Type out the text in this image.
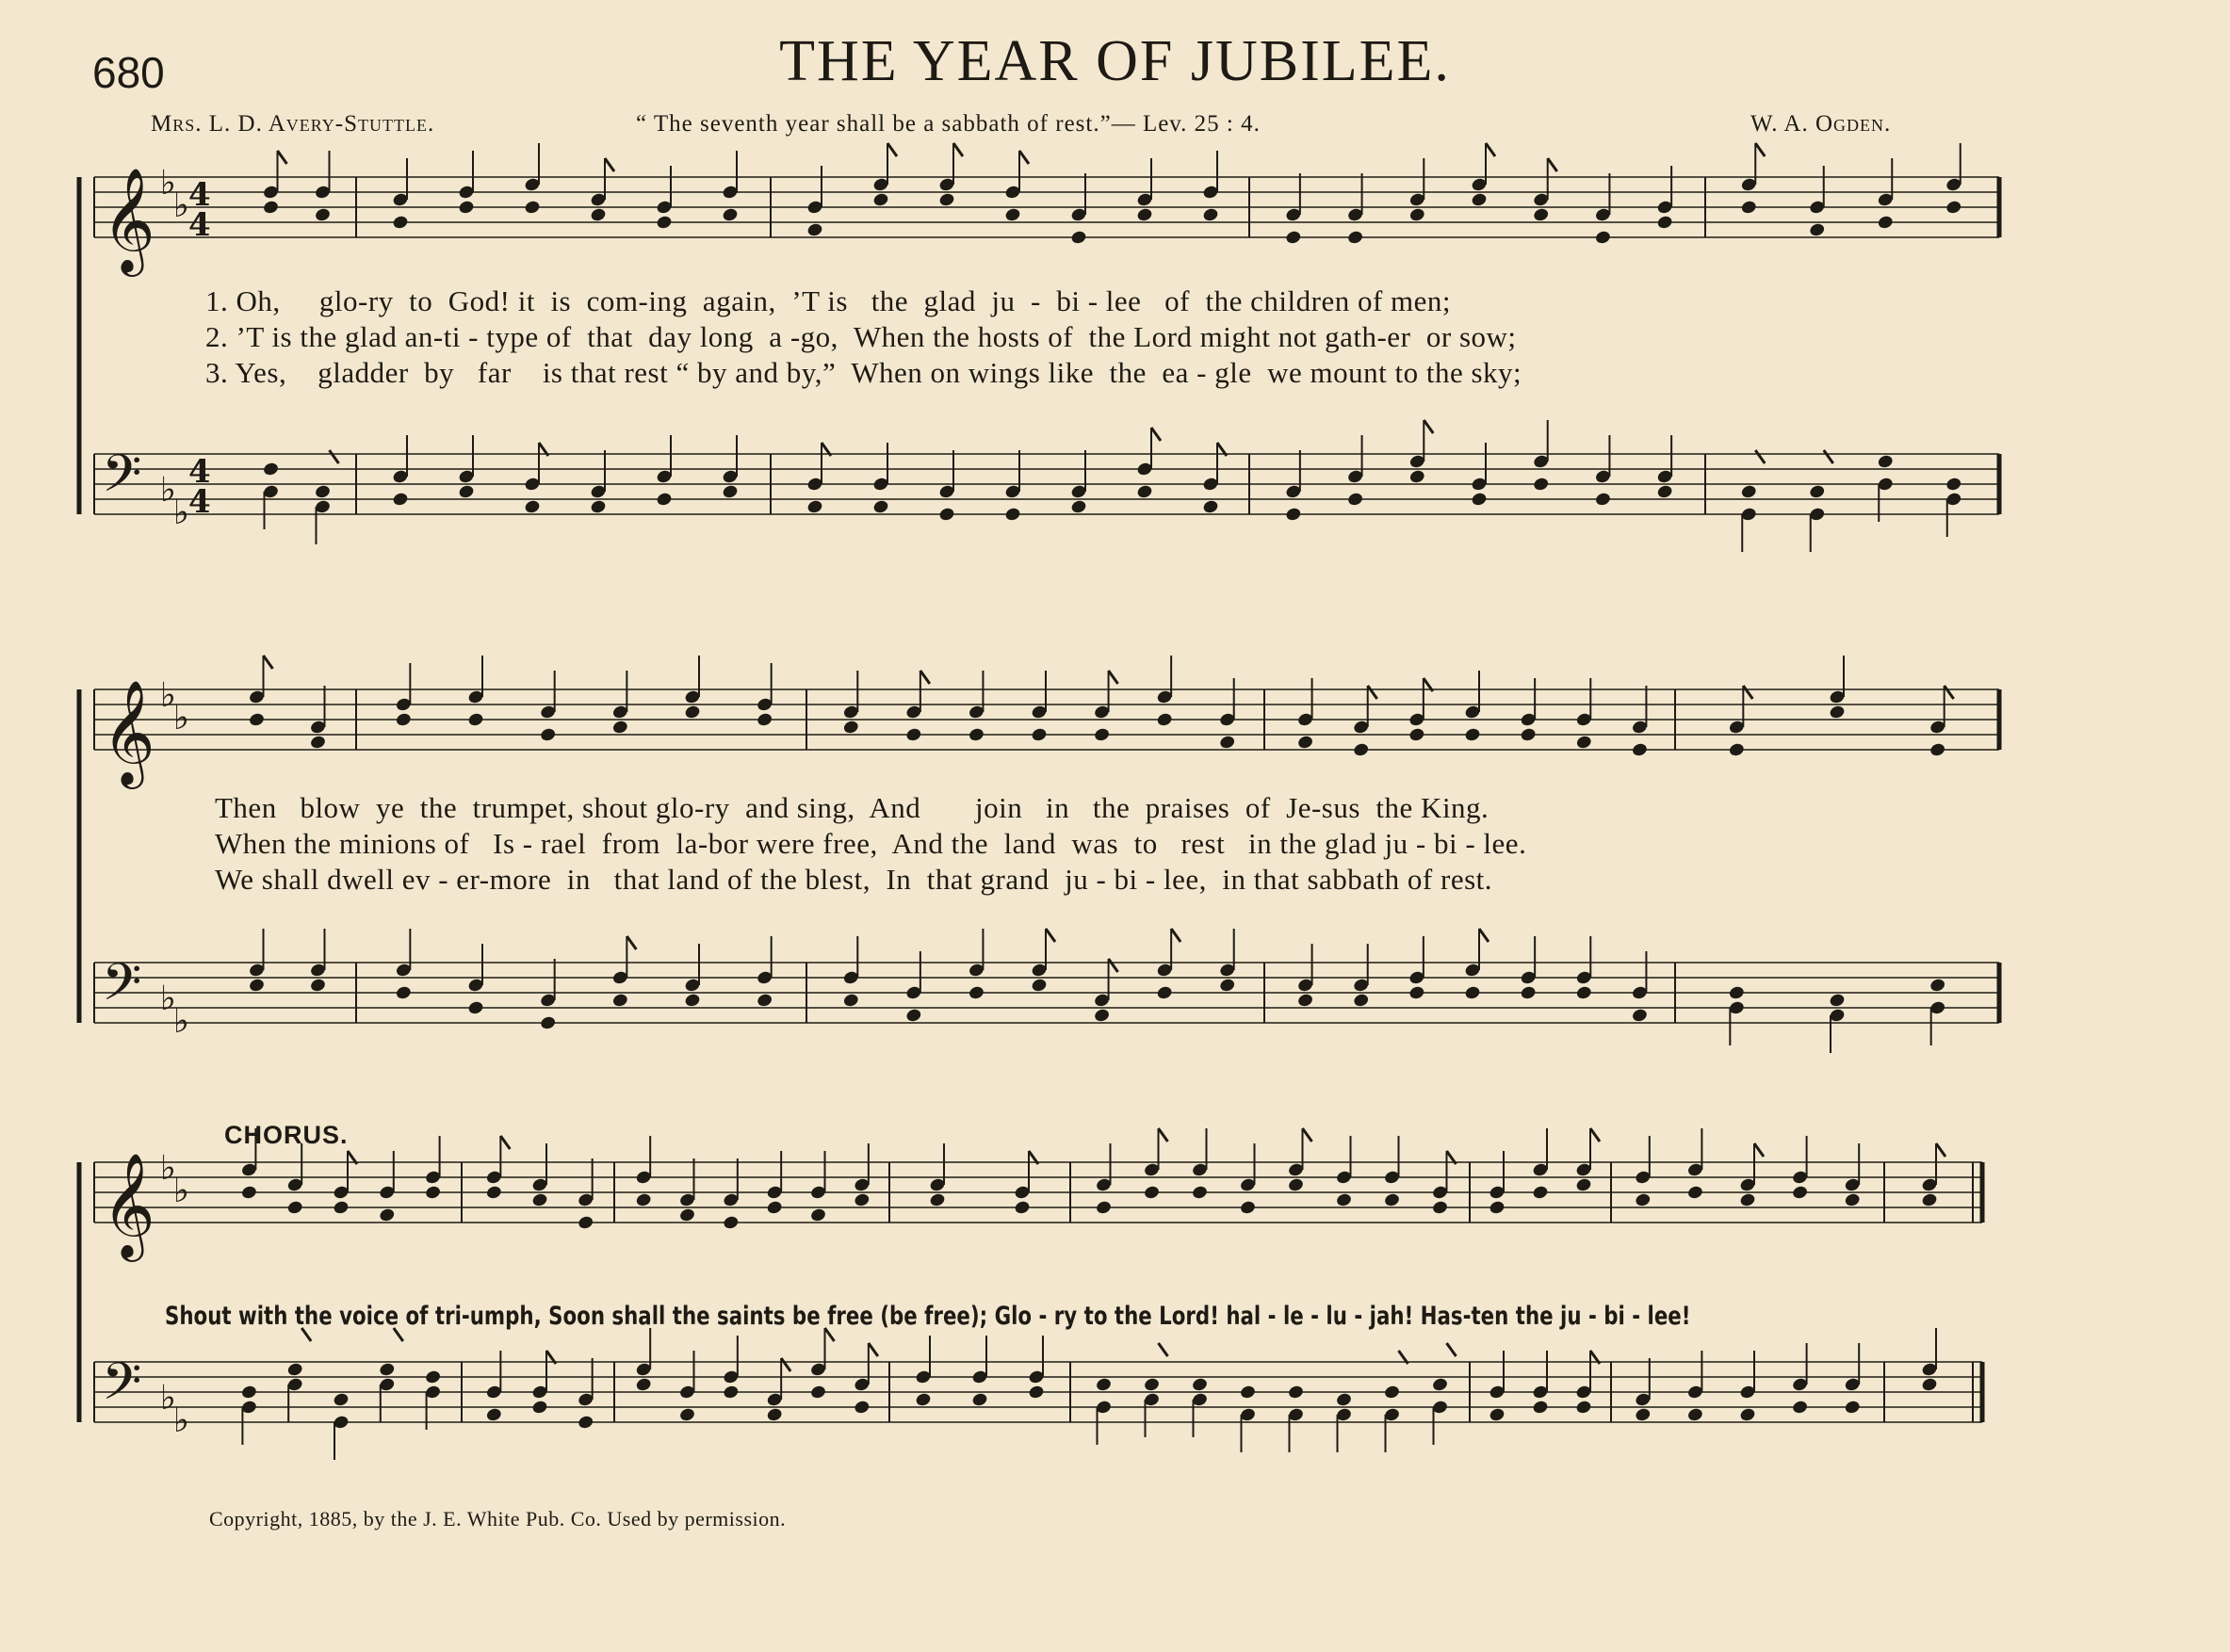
680	THE YEAR OF JUBILEE.
Mrs. L. D. Avery-Stuttle.	“ The seventh year shall be a sabbath of rest.”— Lev. 25 : 4.	W. A. Ogden.
𝄞 ♭
♭ 4
4
𝄢 ♭
♭
4
4
𝄞 ♭
♭
𝄢 ♭
♭
𝄞 ♭
♭
𝄢 ♭
♭
1. Oh,     glo-ry  to  God! it  is  com-ing  again,  ’T is   the  glad  ju  -  bi - lee   of  the children of men;
2. ’T is the glad an-ti - type of  that  day long  a -go,  When the hosts of  the Lord might not gath-er  or sow;
3. Yes,    gladder  by   far    is that rest “ by and by,”  When on wings like  the  ea - gle  we mount to the sky;
Then   blow  ye  the  trumpet, shout glo-ry  and sing,  And       join   in   the  praises  of  Je-sus  the King.
When the minions of   Is - rael  from  la-bor were free,  And the  land  was  to   rest   in the glad ju - bi - lee.
We shall dwell ev - er-more  in   that land of the blest,  In  that grand  ju - bi - lee,  in that sabbath of rest.
CHORUS.
Shout with the voice of tri-umph, Soon shall the saints be free (be free); Glo - ry to the Lord! hal - le - lu - jah! Has-ten the ju - bi - lee!
Copyright, 1885, by the J. E. White Pub. Co. Used by permission.
